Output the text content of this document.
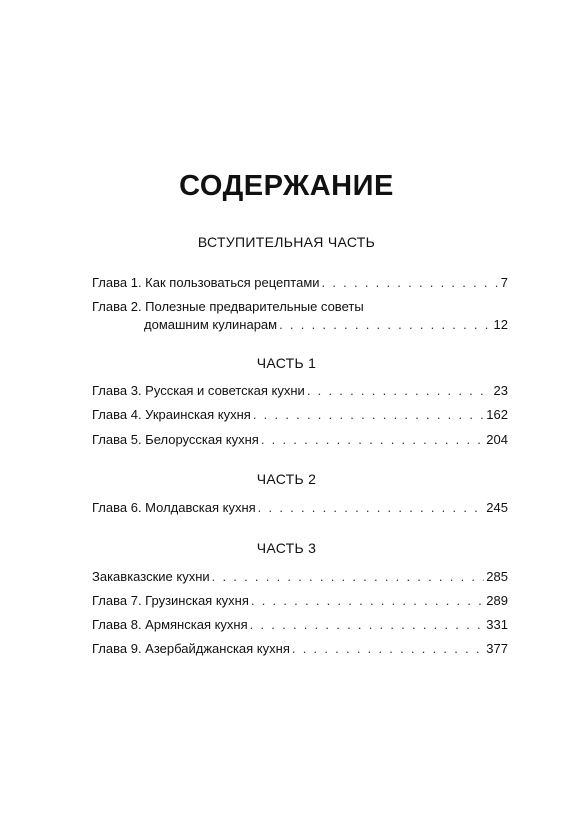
СОДЕРЖАНИЕ
ВСТУПИТЕЛЬНАЯ ЧАСТЬ
Глава 1. Как пользоваться рецептами . . .	7
Глава 2. Полезные предварительные советы
домашним кулинарам . . .	12
ЧАСТЬ 1
Глава 3. Русская и советская кухни . . .	23
Глава 4. Украинская кухня . . .	162
Глава 5. Белорусская кухня . . .	204
ЧАСТЬ 2
Глава 6. Молдавская кухня . . .	245
ЧАСТЬ 3
Закавказские кухни . . .	285
Глава 7. Грузинская кухня . . .	289
Глава 8. Армянская кухня . . .	331
Глава 9. Азербайджанская кухня . . .	377
